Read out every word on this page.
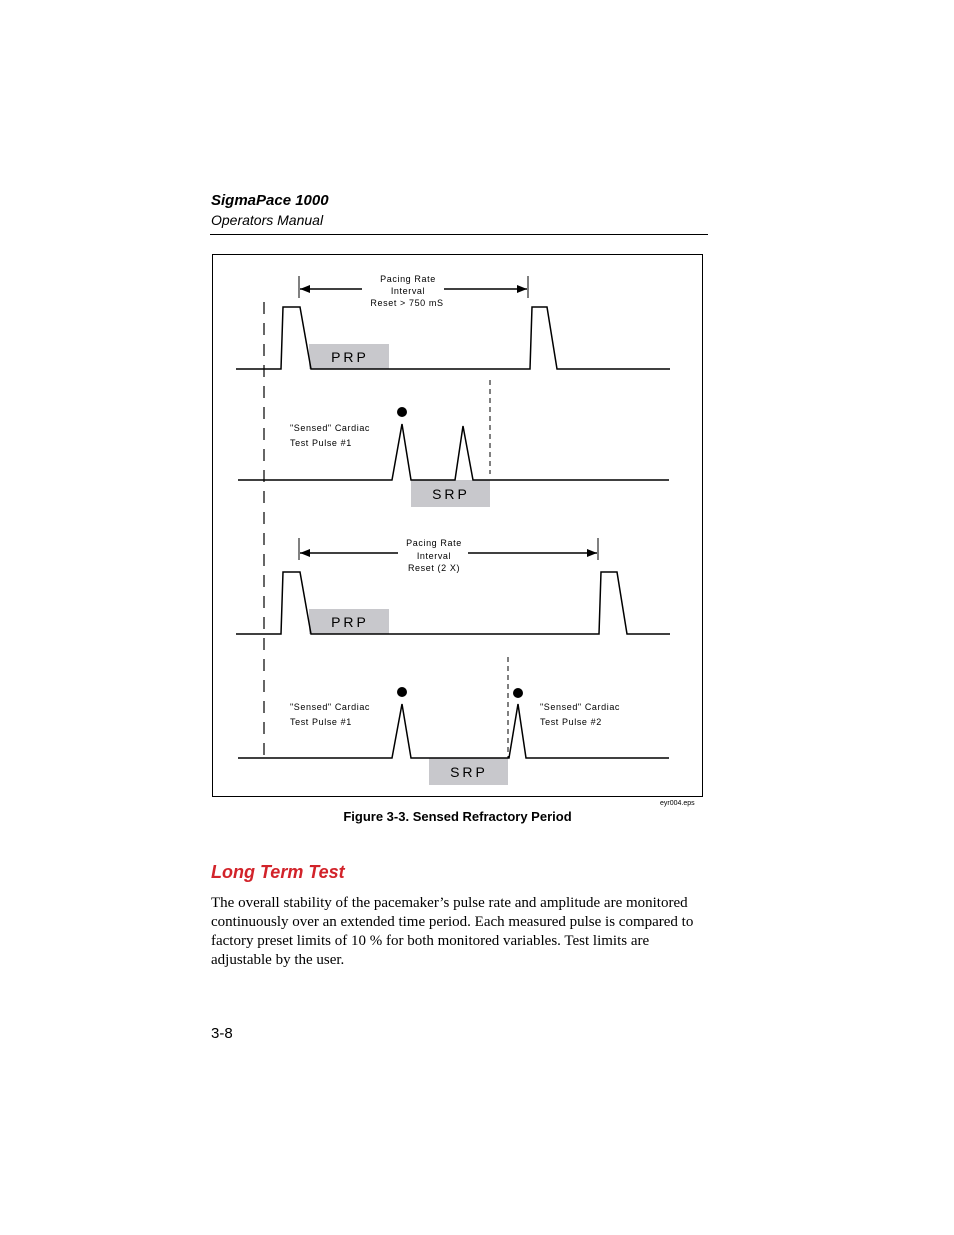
SigmaPace 1000
Operators Manual
Pacing Rate
Interval
Reset > 750 mS
PRP
"Sensed" Cardiac
Test Pulse #1
SRP
Pacing Rate
Interval
Reset (2 X)
PRP
"Sensed" Cardiac
Test Pulse #1
"Sensed" Cardiac
Test Pulse #2
SRP
eyr004.eps
Figure 3-3. Sensed Refractory Period
Long Term Test
The overall stability of the pacemaker’s pulse rate and amplitude are monitored continuously over an extended time period. Each measured pulse is compared to factory preset limits of 10 % for both monitored variables. Test limits are adjustable by the user.
3-8
